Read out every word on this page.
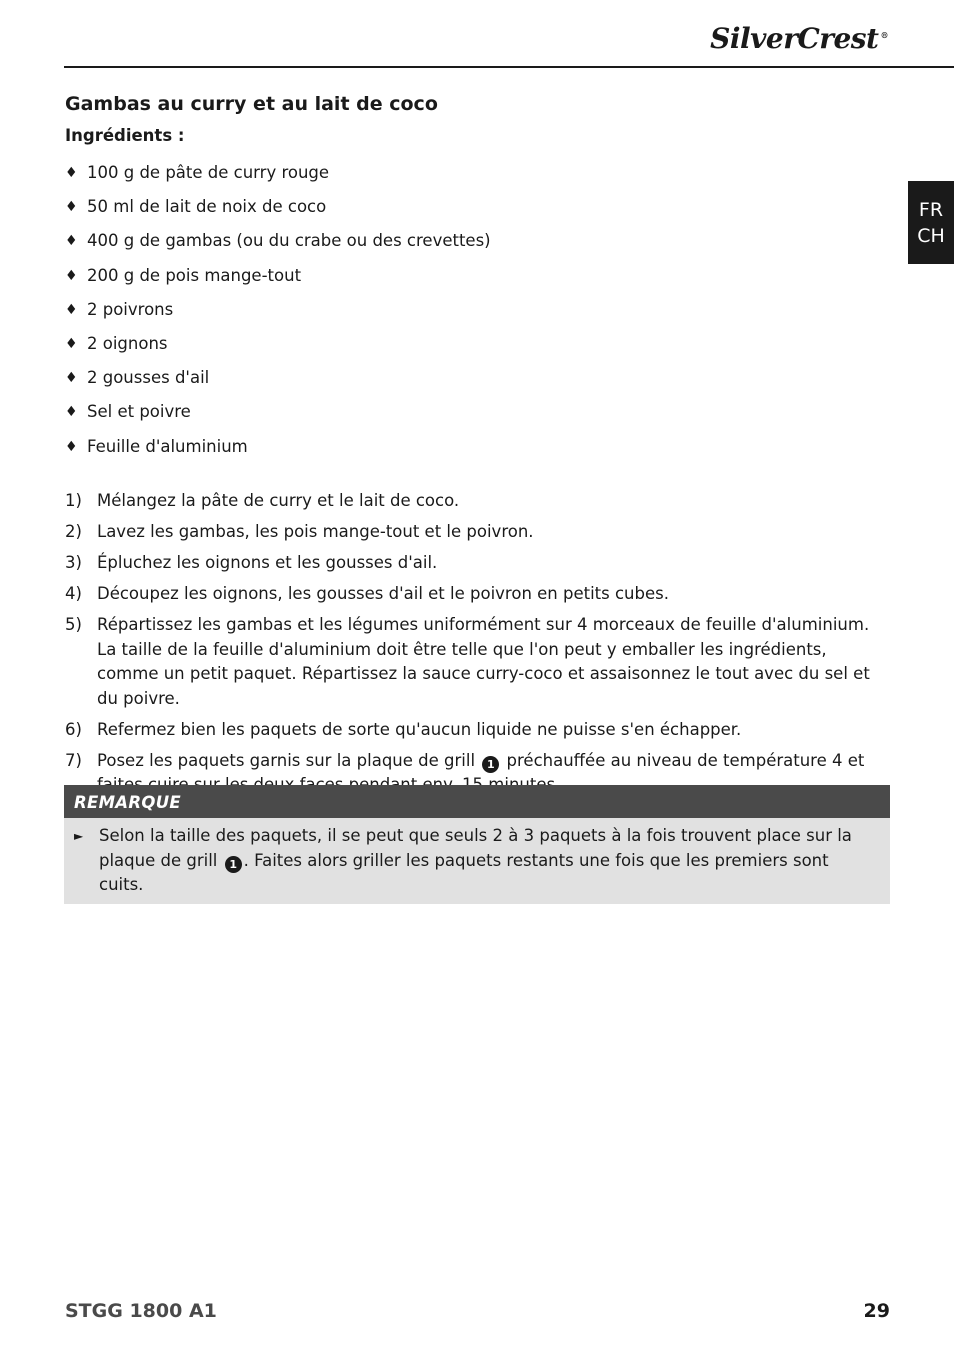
SilverCrest ®
FR
CH
Gambas au curry et au lait de coco
Ingrédients :
♦ 100 g de pâte de curry rouge
♦ 50 ml de lait de noix de coco
♦ 400 g de gambas (ou du crabe ou des crevettes)
♦ 200 g de pois mange-tout
♦ 2 poivrons
♦ 2 oignons
♦ 2 gousses d'ail
♦ Sel et poivre
♦ Feuille d'aluminium
1) Mélangez la pâte de curry et le lait de coco.
2) Lavez les gambas, les pois mange-tout et le poivron.
3) Épluchez les oignons et les gousses d'ail.
4) Découpez les oignons, les gousses d'ail et le poivron en petits cubes.
5) Répartissez les gambas et les légumes uniformément sur 4 morceaux de feuille d'aluminium. La taille de la feuille d'aluminium doit être telle que l'on peut y emballer les ingrédients, comme un petit paquet. Répartissez la sauce curry-coco et assaisonnez le tout avec du sel et du poivre.
6) Refermez bien les paquets de sorte qu'aucun liquide ne puisse s'en échapper.
7) Posez les paquets garnis sur la plaque de grill 1 préchauffée au niveau de température 4 et
REMARQUE
► Selon la taille des paquets, il se peut que seuls 2 à 3 paquets à la fois trouvent place sur la plaque de grill 1 . Faites alors griller les paquets restants une fois que les premiers sont cuits.
STGG 1800 A1	29
